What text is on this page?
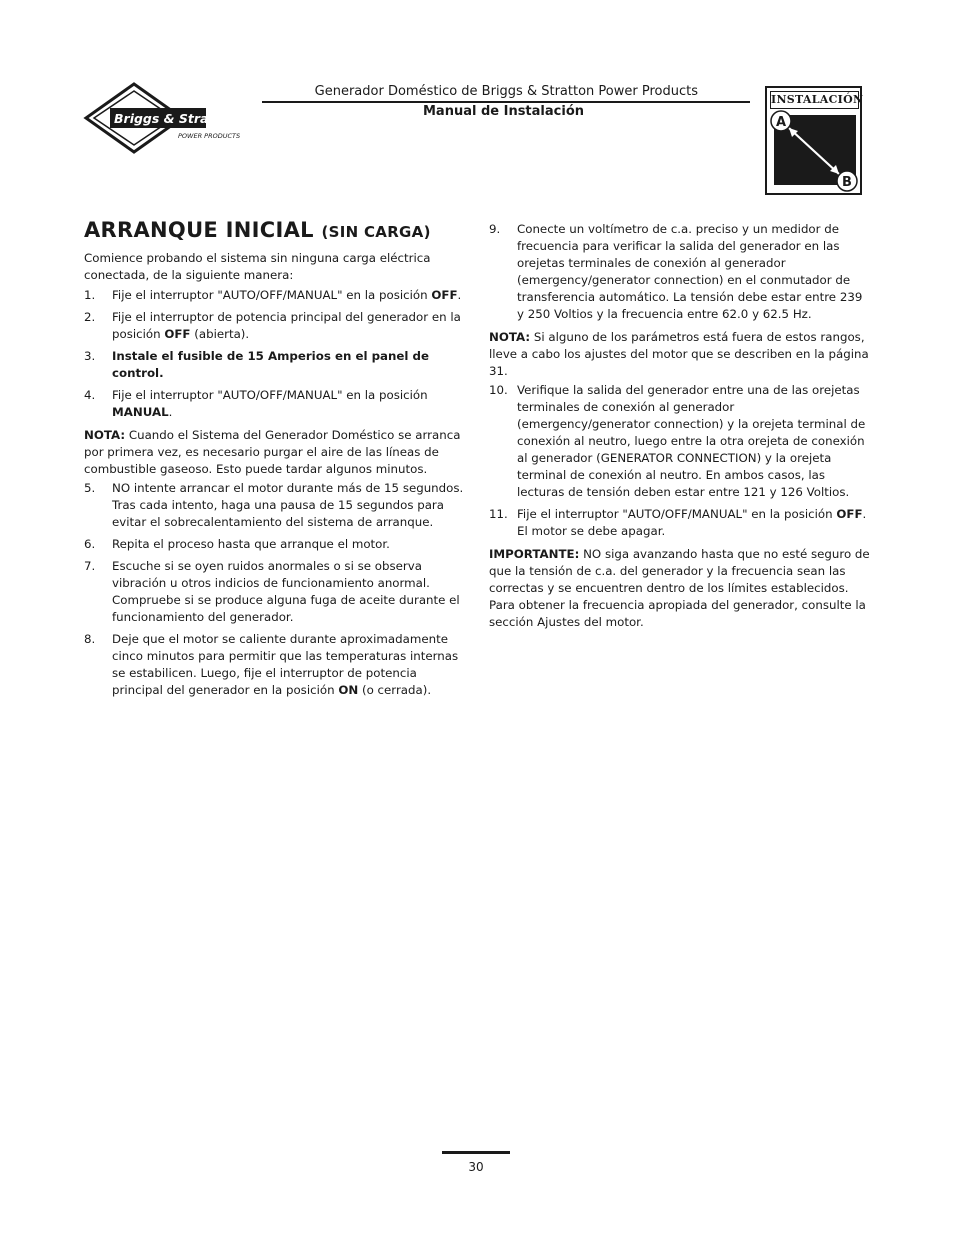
Briggs & Stratton
POWER PRODUCTS
Generador Doméstico de Briggs & Stratton Power Products
Manual de Instalación
INSTALACIÓN
A
B
ARRANQUE INICIAL (SIN CARGA)

Comience probando el sistema sin ninguna carga eléctrica conectada, de la siguiente manera:

1.	Fije el interruptor "AUTO/OFF/MANUAL" en la posición OFF.
2.	Fije el interruptor de potencia principal del generador en la posición OFF (abierta).
3.	Instale el fusible de 15 Amperios en el panel de control.
4.	Fije el interruptor "AUTO/OFF/MANUAL" en la posición MANUAL.

NOTA: Cuando el Sistema del Generador Doméstico se arranca por primera vez, es necesario purgar el aire de las líneas de combustible gaseoso. Esto puede tardar algunos minutos.

5.	NO intente arrancar el motor durante más de 15 segundos. Tras cada intento, haga una pausa de 15 segundos para evitar el sobrecalentamiento del sistema de arranque.
6.	Repita el proceso hasta que arranque el motor.
7.	Escuche si se oyen ruidos anormales o si se observa vibración u otros indicios de funcionamiento anormal. Compruebe si se produce alguna fuga de aceite durante el funcionamiento del generador.
8.	Deje que el motor se caliente durante aproximadamente cinco minutos para permitir que las temperaturas internas se estabilicen. Luego, fije el interruptor de potencia principal del generador en la posición ON (o cerrada).
9.	Conecte un voltímetro de c.a. preciso y un medidor de frecuencia para verificar la salida del generador en las orejetas terminales de conexión al generador (emergency/generator connection) en el conmutador de transferencia automático. La tensión debe estar entre 239 y 250 Voltios y la frecuencia entre 62.0 y 62.5 Hz.

NOTA: Si alguno de los parámetros está fuera de estos rangos, lleve a cabo los ajustes del motor que se describen en la página 31.

10. Verifique la salida del generador entre una de las orejetas terminales de conexión al generador (emergency/generator connection) y la orejeta terminal de conexión al neutro, luego entre la otra orejeta de conexión al generador (GENERATOR CONNECTION) y la orejeta terminal de conexión al neutro. En ambos casos, las lecturas de tensión deben estar entre 121 y 126 Voltios.
11. Fije el interruptor "AUTO/OFF/MANUAL" en la posición OFF. El motor se debe apagar.

IMPORTANTE: NO siga avanzando hasta que no esté seguro de que la tensión de c.a. del generador y la frecuencia sean las correctas y se encuentren dentro de los límites establecidos. Para obtener la frecuencia apropiada del generador, consulte la sección Ajustes del motor.

30
